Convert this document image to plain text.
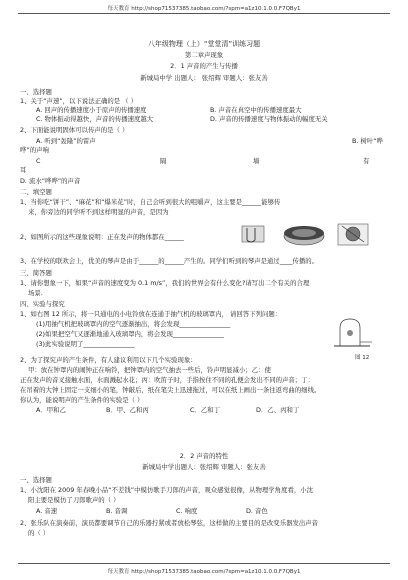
每天教育 http://shop71537385.taobao.com/?spm=a1z10.1.0.0.F7QBy1
八年级物理（上）“堂堂清”训练习题
第二章声现象
2．1 声音的产生与传播
新城局中学 出题人： 张绍辉 审题人：张友善
一、选择题
1、关于“声速”，以下说法正确的是 （ ）
A. 回声的传播速度小于原声的传播速度	B. 声音在真空中的传播速度最大
C. 物体振动得越快，声音的传播速度越大	D. 声音的传播速度与物体振动的幅度无关
2、下面能说明固体可以传声的是（ ）
A. 听到“轰隆”的雷声	B. 树叶“哗
哗”的声响
C	隔	墙	有
耳
D. 流水“哗哗”的声音
二、填空题
1、当你吃“饼干”、“麻花”和“爆米花”时，自己会听到很大的咀嚼声，这主要是______能够传
来，你旁边的同学听不到这样明显的声音，是因为
2、如图所示的这些现象说明：正在发声的物体都在______
3、在学校的联欢会上，优美的琴声是由于______的______产生的。同学们听到的琴声是通过____传播的。
三、简答题
1、请你想象一下，如果“声音的速度变为 0.1 m/s”，我们的世界会有什么变化?请写出二个有关的合理
场景.
四、实验与探究
1、如右图 12 所示，将一只通电的小电铃放在连通于抽气机的玻璃罩内， 请回答下列问题：
(1)用抽气机把玻璃罩内的空气逐渐抽出，将会发现________________
(2)如果把空气又逐渐地通入玻璃罩内，将会发现________________
(3)此实验说明了________________
图 12
2、为了探究声的产生条件，有人建议利用以下几个实验现象：
甲：放在钟罩内的闹钟正在响铃，把钟罩内的空气抽去一些后，铃声明显减小；乙：使
正在发声的音叉接触水面，水面溅起水花；丙：吹笛子时，手指按住不同的孔便会发出不同的声音；丁：
在吊着的大钟上固定一支细小的笔，钟敲后，纸在笔尖上迅速拖过，可以在纸上画出一条往返弯曲的细线。
你认为，能说明声的产生条件的实验是（ ）
A．甲和乙	B．甲、乙和丙	C．乙和丁	D．乙、丙和丁
2．2 声音的特性
新城局中学出题人：张绍辉 审题人：张友善
一、选择题
1、小沈阳在 2009 年春晚小品“不差钱”中模仿歌手刀郎的声音，观众感觉很像，从物理学角度看，小沈
阳主要是模仿了刀郎歌声的（ ）
A. 音速	B. 音调	C. 响度	D. 音色
2、张乐队在演奏前，演员都要调节自己的乐器拧紧或者放松琴弦，这样做的主要目的是改变乐器发出声音
的（ ）
每天教育 http://shop71537385.taobao.com/?spm=a1z10.1.0.0.F7QBy1
